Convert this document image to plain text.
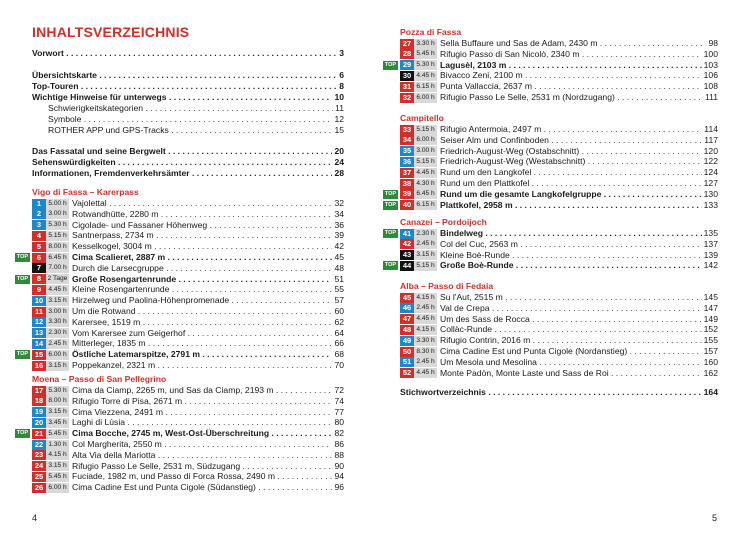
INHALTSVERZEICHNIS
Vorwort . . .	3
Übersichtskarte . . .	6
Top-Touren . . .	8
Wichtige Hinweise für unterwegs . . .	10
Schwierigkeitskategorien . . .	11
Symbole . . .	12
ROTHER APP und GPS-Tracks . . .	15
Das Fassatal und seine Bergwelt . . .	20
Sehenswürdigkeiten . . .	24
Informationen, Fremdenverkehrsämter . . .	28
Vigo di Fassa – Karerpass
1	5.00 h Vajolettal . . .	32
2	3.00 h Rotwandhütte, 2280 m . . .	34
3	5.30 h Cigolade- und Fassaner Höhenweg . . .	36
4	5.15 h Santnerpass, 2734 m . . .	39
5	8.00 h Kesselkogel, 3004 m . . .	42
TOP	6	6.45 h Cima Scalieret, 2887 m . . .	45
7	7.00 h Durch die Larsecgruppe . . .	48
TOP	8 2 Tage Große Rosengartenrunde . . .	51
9	4.45 h Kleine Rosengartenrunde . . .	55
10 3.15 h Hirzelweg und Paolina-Höhenpromenade . . .	57
11 3.00 h Um die Rotwand . . .	60
12 3.30 h Karersee, 1519 m . . .	62
13 2.30 h Vom Karersee zum Geigerhof . . .	64
14 2.45 h Mitterleger, 1835 m . . .	66
TOP 15 6.00 h Östliche Latemarspitze, 2791 m . . .	68
16 3.15 h Poppekanzel, 2321 m . . .	70
Moena – Passo di San Pellegrino
17 5.30 h Cima da Ciamp, 2265 m, und Sas da Ciamp, 2193 m . . .	72
18 8.00 h Rifugio Torre di Pisa, 2671 m . . .	74
19 3.15 h Cima Viezzena, 2491 m . . .	77
20 3.45 h Laghi di Lùsia . . .	80
TOP 21 5.45 h Cima Bocche, 2745 m, West-Ost-Überschreitung . . .	82
22 1.30 h Col Margherita, 2550 m . . .	86
23 4.15 h Alta Via della Mariotta . . .	88
24 3.15 h Rifugio Passo Le Selle, 2531 m, Südzugang . . .	90
25 5.45 h Fuciade, 1982 m, und Passo di Forca Rossa, 2490 m . . .	94
26 6.00 h Cima Cadine Est und Punta Cigole (Südanstieg) . . .	96
Pozza di Fassa
27 3.30 h Sella Buffaure und Sas de Adam, 2430 m . . .	98
28 5.45 h Rifugio Passo di San Nicolò, 2340 m . . .	100
TOP 29 5.30 h Lagusèl, 2103 m . . .	103
30 4.45 h Bivacco Zeni, 2100 m . . .	106
31 6.15 h Punta Vallaccia, 2637 m . . .	108
32 6.00 h Rifugio Passo Le Selle, 2531 m (Nordzugang) . . .	111
Campitello
33 5.15 h Rifugio Antermoia, 2497 m . . .	114
34 6.00 h Seiser Alm und Confinboden . . .	117
35 3.00 h Friedrich-August-Weg (Ostabschnitt) . . .	120
36 5.15 h Friedrich-August-Weg (Westabschnitt) . . .	122
37 4.45 h Rund um den Langkofel . . .	124
38 4.30 h Rund um den Plattkofel . . .	127
TOP 39 6.45 h Rund um die gesamte Langkofelgruppe . . .	130
TOP 40 6.15 h Plattkofel, 2958 m . . .	133
Canazei – Pordoijoch
TOP 41 2.30 h Bindelweg . . .	135
42 2.45 h Col del Cuc, 2563 m . . .	137
43 3.15 h Kleine Boè-Runde . . .	139
TOP 44 5.15 h Große Boè-Runde . . .	142
Alba – Passo di Fedaia
45 4.15 h Su l'Aut, 2515 m . . .	145
46 2.45 h Val de Crepa . . .	147
47 4.45 h Um des Sass de Rocca . . .	149
48 4.15 h Collàc-Runde . . .	152
49 3.30 h Rifugio Contrin, 2016 m . . .	155
50 8.30 h Cima Cadine Est und Punta Cigole (Nordanstieg) . . .	157
51 2.45 h Um Mesola und Mesolina . . .	160
52 4.45 h Monte Padòn, Monte Laste und Sass de Roi . . .	162
Stichwortverzeichnis . . .	164
4	5
